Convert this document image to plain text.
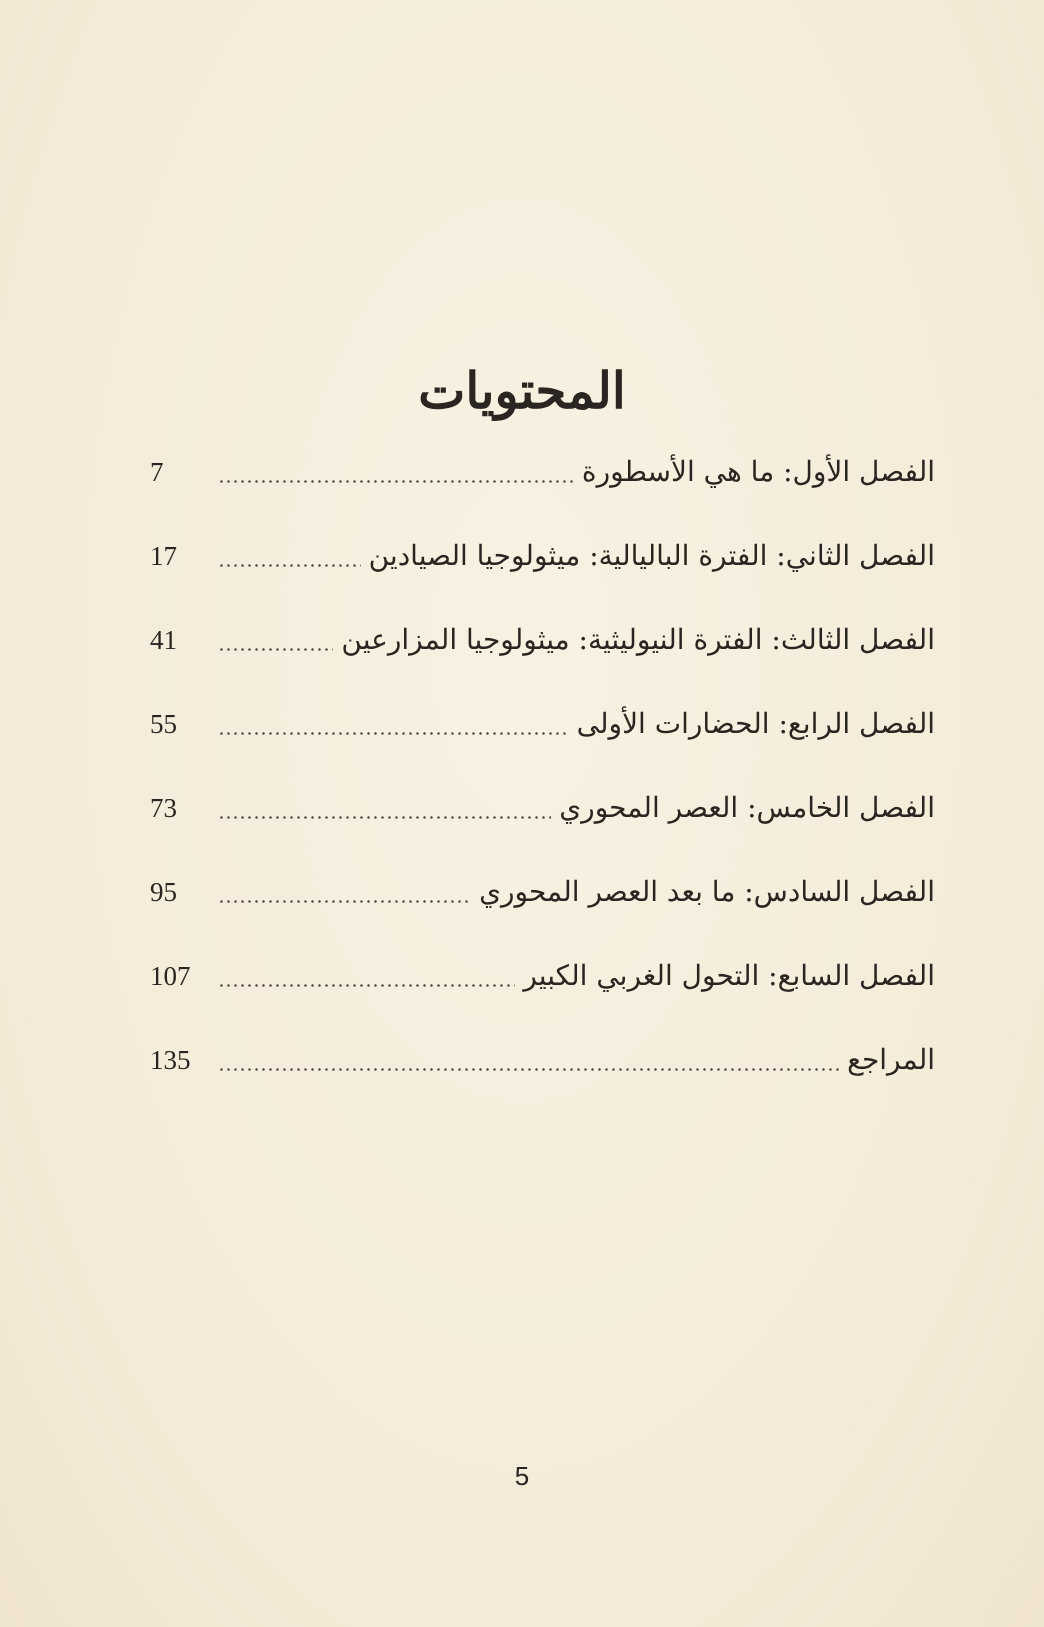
المحتويات
7	الفصل الأول: ما هي الأسطورة
17	الفصل الثاني: الفترة الباليالية: ميثولوجيا الصيادين
41	الفصل الثالث: الفترة النيوليثية: ميثولوجيا المزارعين
55	الفصل الرابع: الحضارات الأولى
73	الفصل الخامس: العصر المحوري
95	الفصل السادس: ما بعد العصر المحوري
107	الفصل السابع: التحول الغربي الكبير
135	المراجع
5
